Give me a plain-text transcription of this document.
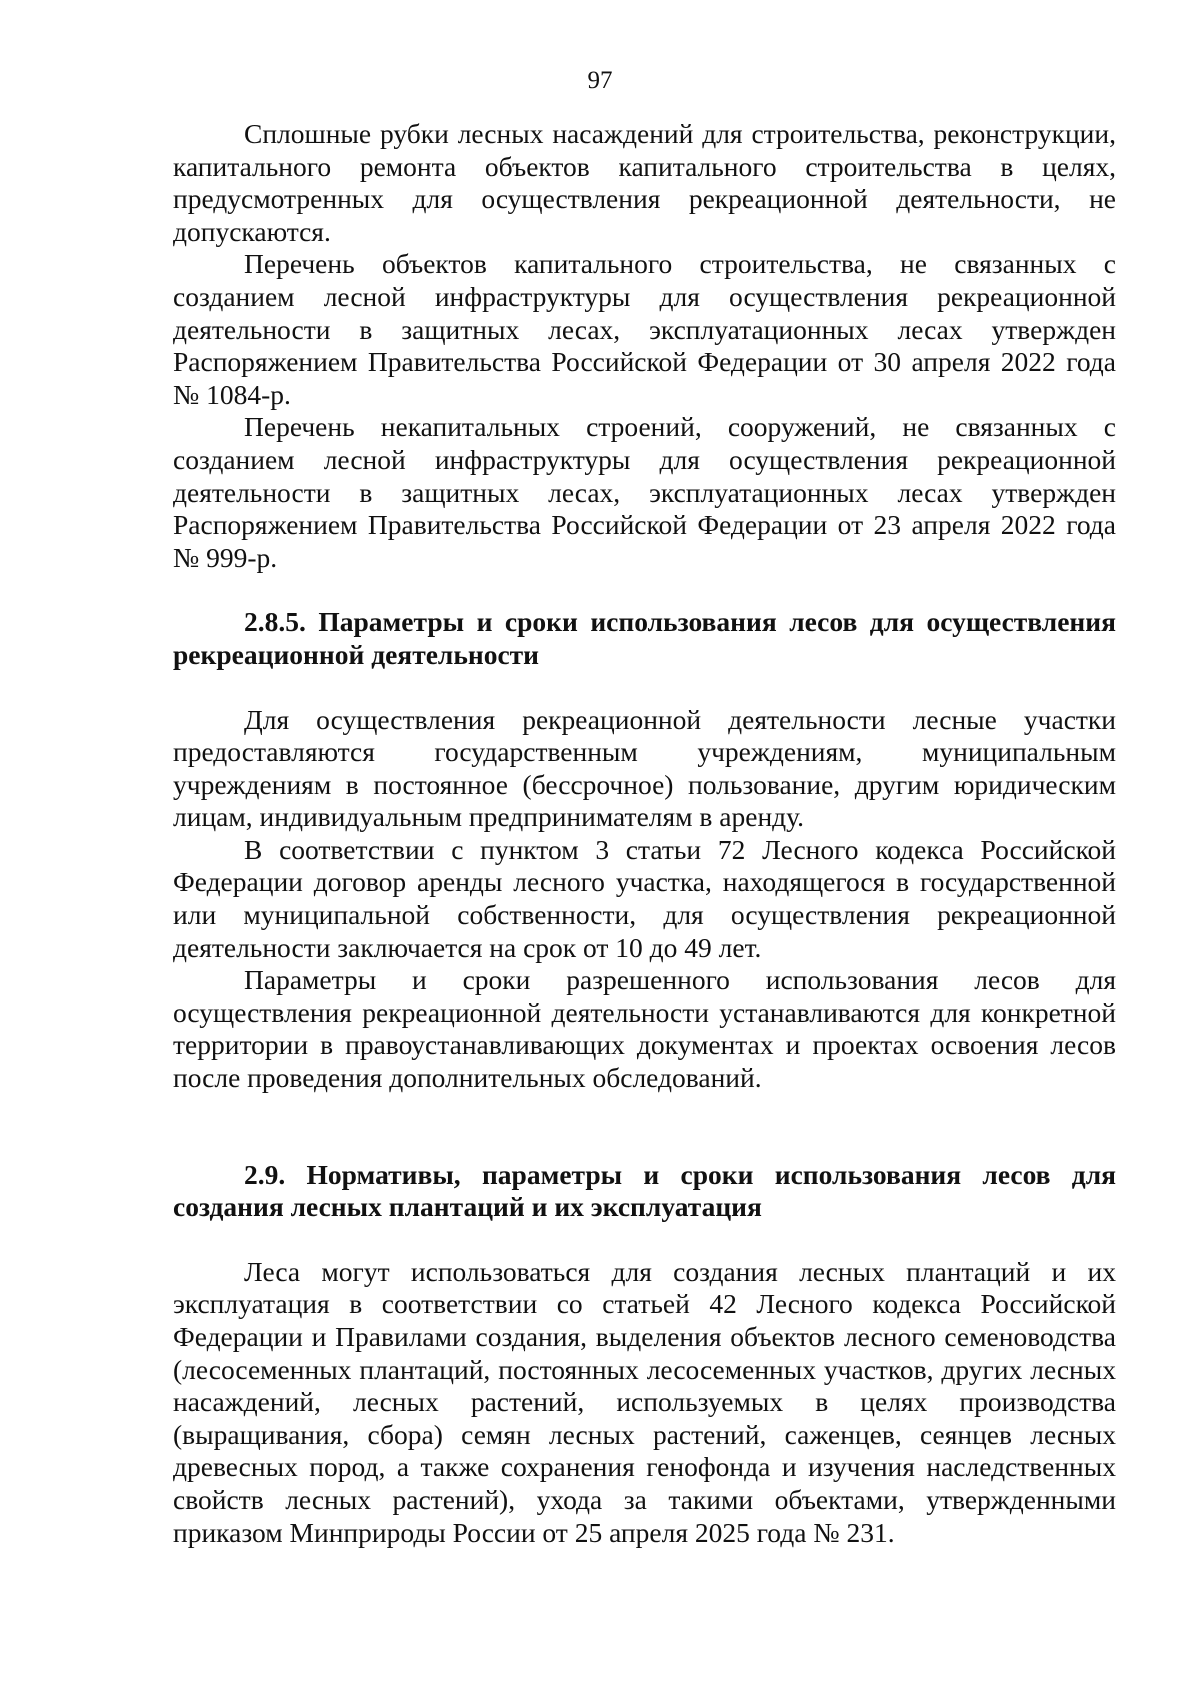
97

Сплошные рубки лесных насаждений для строительства, реконструкции, капитального ремонта объектов капитального строительства в целях, предусмотренных для осуществления рекреационной деятельности, не допускаются.

Перечень объектов капитального строительства, не связанных с созданием лесной инфраструктуры для осуществления рекреационной деятельности в защитных лесах, эксплуатационных лесах утвержден Распоряжением Правительства Российской Федерации от 30 апреля 2022 года № 1084-р.

Перечень некапитальных строений, сооружений, не связанных с созданием лесной инфраструктуры для осуществления рекреационной деятельности в защитных лесах, эксплуатационных лесах утвержден Распоряжением Правительства Российской Федерации от 23 апреля 2022 года № 999-р.

2.8.5. Параметры и сроки использования лесов для осуществления рекреационной деятельности

Для осуществления рекреационной деятельности лесные участки предоставляются государственным учреждениям, муниципальным учреждениям в постоянное (бессрочное) пользование, другим юридическим лицам, индивидуальным предпринимателям в аренду.

В соответствии с пунктом 3 статьи 72 Лесного кодекса Российской Федерации договор аренды лесного участка, находящегося в государственной или муниципальной собственности, для осуществления рекреационной деятельности заключается на срок от 10 до 49 лет.

Параметры и сроки разрешенного использования лесов для осуществления рекреационной деятельности устанавливаются для конкретной территории в правоустанавливающих документах и проектах освоения лесов после проведения дополнительных обследований.

2.9. Нормативы, параметры и сроки использования лесов для создания лесных плантаций и их эксплуатация

Леса могут использоваться для создания лесных плантаций и их эксплуатация в соответствии со статьей 42 Лесного кодекса Российской Федерации и Правилами создания, выделения объектов лесного семеноводства (лесосеменных плантаций, постоянных лесосеменных участков, других лесных насаждений, лесных растений, используемых в целях производства (выращивания, сбора) семян лесных растений, саженцев, сеянцев лесных древесных пород, а также сохранения генофонда и изучения наследственных свойств лесных растений), ухода за такими объектами, утвержденными приказом Минприроды России от 25 апреля 2025 года № 231.
